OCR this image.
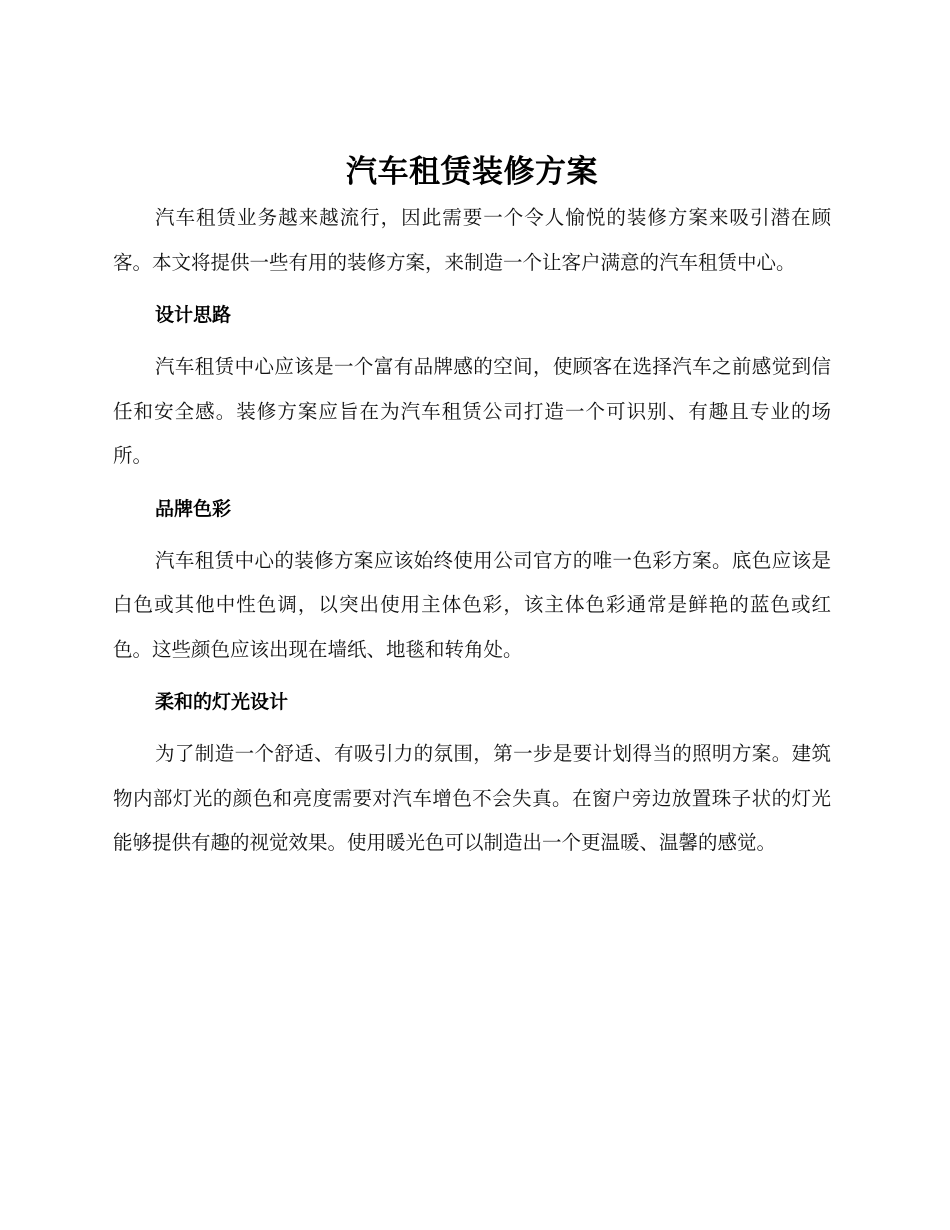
汽车租赁装修方案

汽车租赁业务越来越流行，因此需要一个令人愉悦的装修方案来吸引潜在顾客。本文将提供一些有用的装修方案，来制造一个让客户满意的汽车租赁中心。

设计思路

汽车租赁中心应该是一个富有品牌感的空间，使顾客在选择汽车之前感觉到信任和安全感。装修方案应旨在为汽车租赁公司打造一个可识别、有趣且专业的场所。

品牌色彩

汽车租赁中心的装修方案应该始终使用公司官方的唯一色彩方案。底色应该是白色或其他中性色调，以突出使用主体色彩，该主体色彩通常是鲜艳的蓝色或红色。这些颜色应该出现在墙纸、地毯和转角处。

柔和的灯光设计

为了制造一个舒适、有吸引力的氛围，第一步是要计划得当的照明方案。建筑物内部灯光的颜色和亮度需要对汽车增色不会失真。在窗户旁边放置珠子状的灯光能够提供有趣的视觉效果。使用暖光色可以制造出一个更温暖、温馨的感觉。
